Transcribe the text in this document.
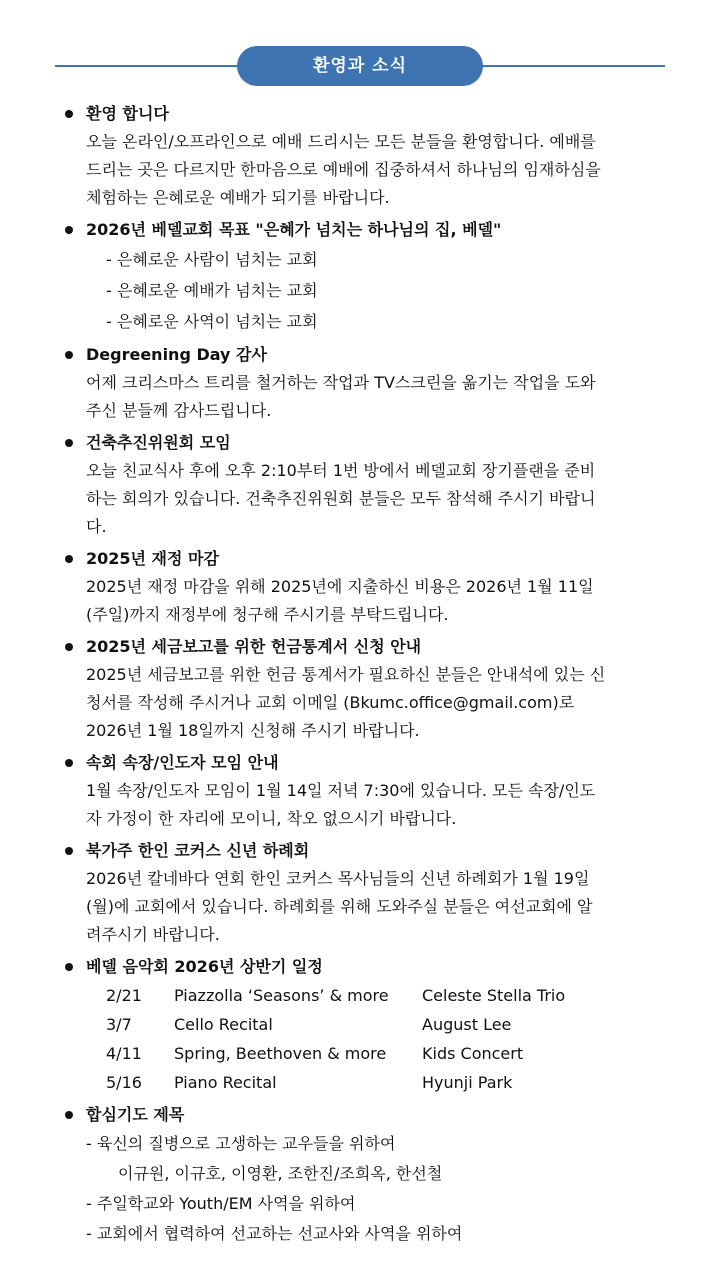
환영과 소식
환영 합니다
오늘 온라인/오프라인으로 예배 드리시는 모든 분들을 환영합니다. 예배를
드리는 곳은 다르지만 한마음으로 예배에 집중하셔서 하나님의 임재하심을
체험하는 은혜로운 예배가 되기를 바랍니다.
2026년 베델교회 목표 "은혜가 넘치는 하나님의 집, 베델"
- 은혜로운 사람이 넘치는 교회
- 은혜로운 예배가 넘치는 교회
- 은혜로운 사역이 넘치는 교회
Degreening Day 감사
어제 크리스마스 트리를 철거하는 작업과 TV스크린을 옮기는 작업을 도와
주신 분들께 감사드립니다.
건축추진위원회 모임
오늘 친교식사 후에 오후 2:10부터 1번 방에서 베델교회 장기플랜을 준비
하는 회의가 있습니다. 건축추진위원회 분들은 모두 참석해 주시기 바랍니
다.
2025년 재정 마감
2025년 재정 마감을 위해 2025년에 지출하신 비용은 2026년 1월 11일
(주일)까지 재정부에 청구해 주시기를 부탁드립니다.
2025년 세금보고를 위한 헌금통계서 신청 안내
2025년 세금보고를 위한 헌금 통계서가 필요하신 분들은 안내석에 있는 신
청서를 작성해 주시거나 교회 이메일 (Bkumc.office@gmail.com)로
2026년 1월 18일까지 신청해 주시기 바랍니다.
속회 속장/인도자 모임 안내
1월 속장/인도자 모임이 1월 14일 저녁 7:30에 있습니다. 모든 속장/인도
자 가정이 한 자리에 모이니, 착오 없으시기 바랍니다.
북가주 한인 코커스 신년 하례회
2026년 칼네바다 연회 한인 코커스 목사님들의 신년 하례회가 1월 19일
(월)에 교회에서 있습니다. 하례회를 위해 도와주실 분들은 여선교회에 알
려주시기 바랍니다.
베델 음악회 2026년 상반기 일정
2/21	Piazzolla ‘Seasons’ & more	Celeste Stella Trio
3/7	Cello Recital	August Lee
4/11	Spring, Beethoven & more	Kids Concert
5/16	Piano Recital	Hyunji Park
합심기도 제목
- 육신의 질병으로 고생하는 교우들을 위하여
이규원, 이규호, 이영환, 조한진/조희옥, 한선철
- 주일학교와 Youth/EM 사역을 위하여
- 교회에서 협력하여 선교하는 선교사와 사역을 위하여
